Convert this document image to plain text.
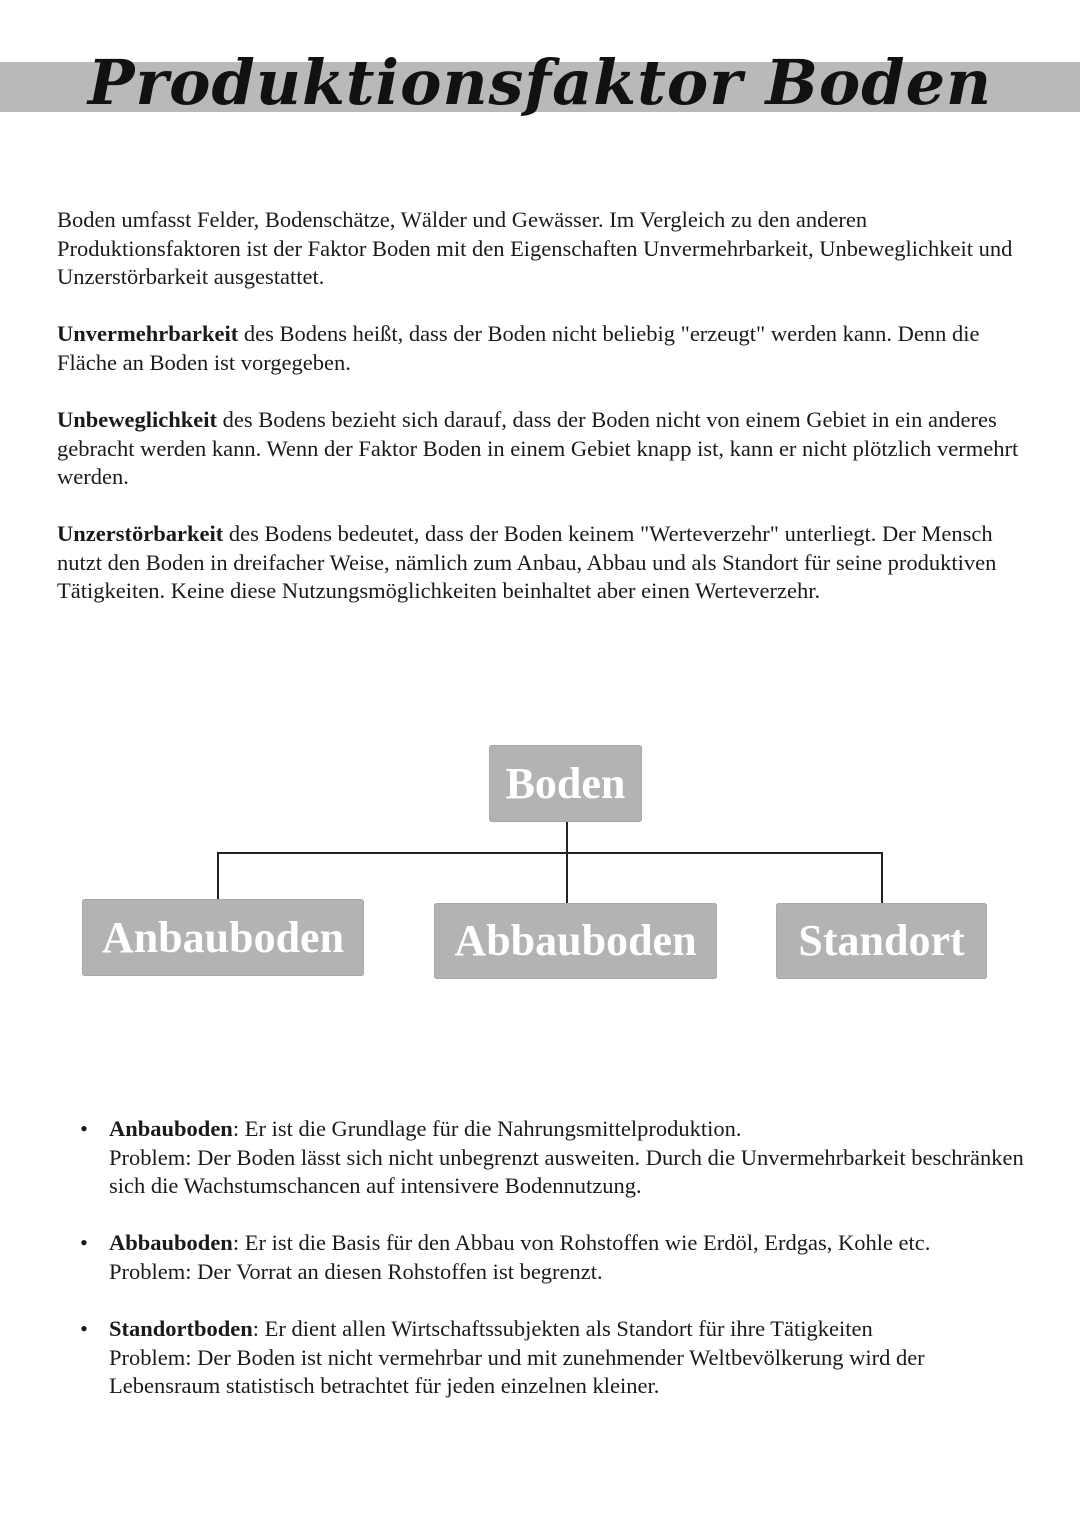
Produktionsfaktor Boden

Boden umfasst Felder, Bodenschätze, Wälder und Gewässer. Im Vergleich zu den anderen Produktionsfaktoren ist der Faktor Boden mit den Eigenschaften Unvermehrbarkeit, Unbeweglichkeit und Unzerstörbarkeit ausgestattet.

Unvermehrbarkeit des Bodens heißt, dass der Boden nicht beliebig "erzeugt" werden kann. Denn die Fläche an Boden ist vorgegeben.

Unbeweglichkeit des Bodens bezieht sich darauf, dass der Boden nicht von einem Gebiet in ein anderes gebracht werden kann. Wenn der Faktor Boden in einem Gebiet knapp ist, kann er nicht plötzlich vermehrt werden.

Unzerstörbarkeit des Bodens bedeutet, dass der Boden keinem "Werteverzehr" unterliegt. Der Mensch nutzt den Boden in dreifacher Weise, nämlich zum Anbau, Abbau und als Standort für seine produktiven Tätigkeiten. Keine diese Nutzungsmöglichkeiten beinhaltet aber einen Werteverzehr.

Boden
Anbauboden	Abbauboden	Standort
• Anbauboden: Er ist die Grundlage für die Nahrungsmittelproduktion.
Problem: Der Boden lässt sich nicht unbegrenzt ausweiten. Durch die Unvermehrbarkeit beschränken sich die Wachstumschancen auf intensivere Bodennutzung.
• Abbauboden: Er ist die Basis für den Abbau von Rohstoffen wie Erdöl, Erdgas, Kohle etc.
Problem: Der Vorrat an diesen Rohstoffen ist begrenzt.
• Standortboden: Er dient allen Wirtschaftssubjekten als Standort für ihre Tätigkeiten
Problem: Der Boden ist nicht vermehrbar und mit zunehmender Weltbevölkerung wird der Lebensraum statistisch betrachtet für jeden einzelnen kleiner.
